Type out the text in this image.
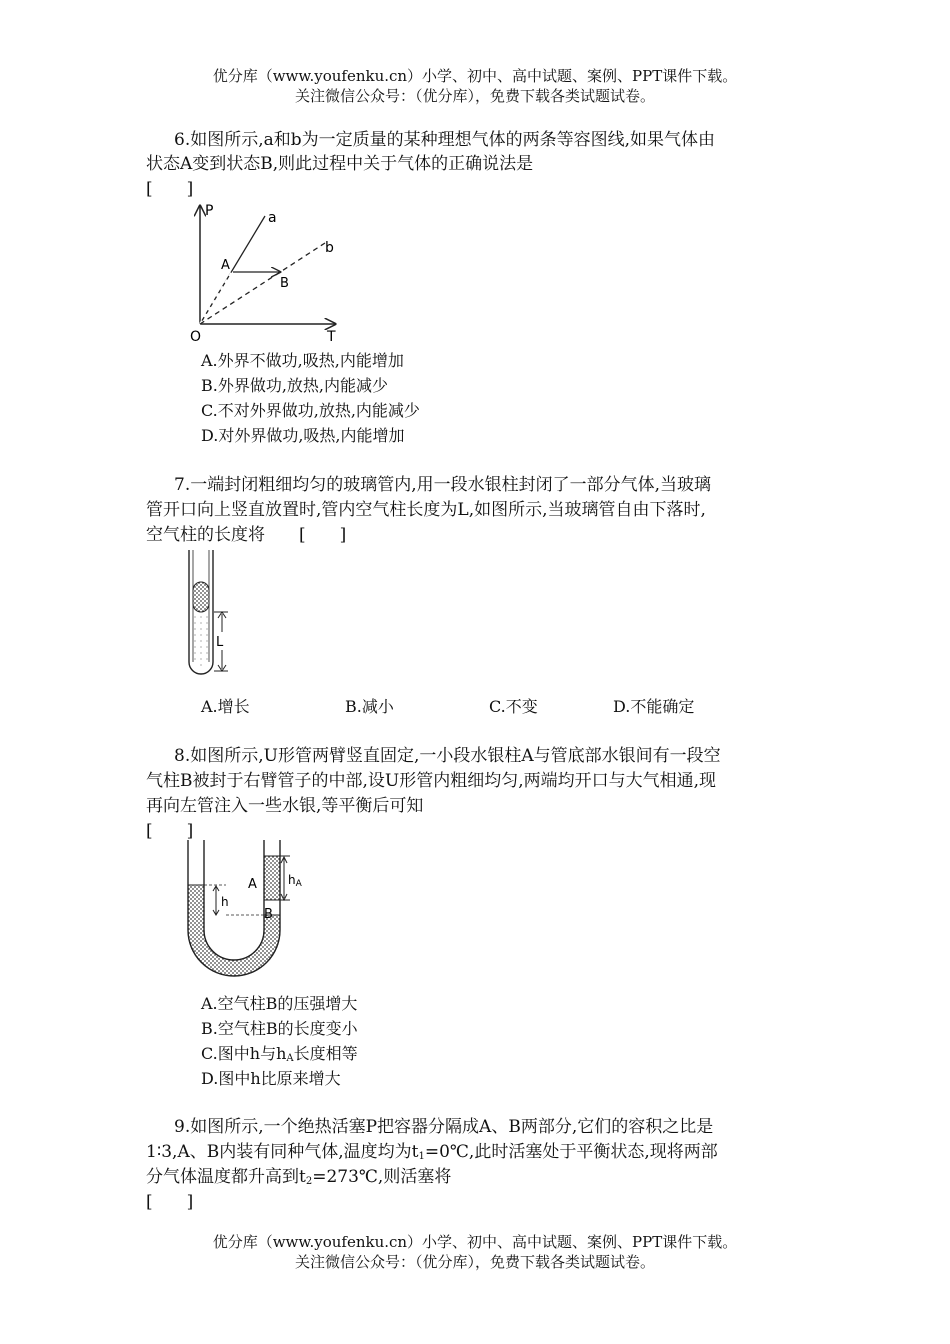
优分库（www.youfenku.cn）小学、初中、高中试题、案例、PPT课件下载。
关注微信公众号：（优分库），免费下载各类试题试卷。
6.如图所示,a和b为一定质量的某种理想气体的两条等容图线,如果气体由
状态A变到状态B,则此过程中关于气体的正确说法是
[　　]
P
T
O
a
b
A
B
A.外界不做功,吸热,内能增加
B.外界做功,放热,内能减少
C.不对外界做功,放热,内能减少
D.对外界做功,吸热,内能增加
7.一端封闭粗细均匀的玻璃管内,用一段水银柱封闭了一部分气体,当玻璃
管开口向上竖直放置时,管内空气柱长度为L,如图所示,当玻璃管自由下落时,
空气柱的长度将　　[　　]
L
A.增长	B.减小	C.不变	D.不能确定
8.如图所示,U形管两臂竖直固定,一小段水银柱A与管底部水银间有一段空
气柱B被封于右臂管子的中部,设U形管内粗细均匀,两端均开口与大气相通,现
再向左管注入一些水银,等平衡后可知
[　　]
h
A
B
hA
A.空气柱B的压强增大
B.空气柱B的长度变小
C.图中h与$h_A$长度相等
D.图中h比原来增大
9.如图所示,一个绝热活塞P把容器分隔成A、B两部分,它们的容积之比是
1∶3,A、B内装有同种气体,温度均为$t_1=0℃$,此时活塞处于平衡状态,现将两部
分气体温度都升高到$t_2=273℃$,则活塞将
[　　]
优分库（www.youfenku.cn）小学、初中、高中试题、案例、PPT课件下载。
关注微信公众号：（优分库），免费下载各类试题试卷。
